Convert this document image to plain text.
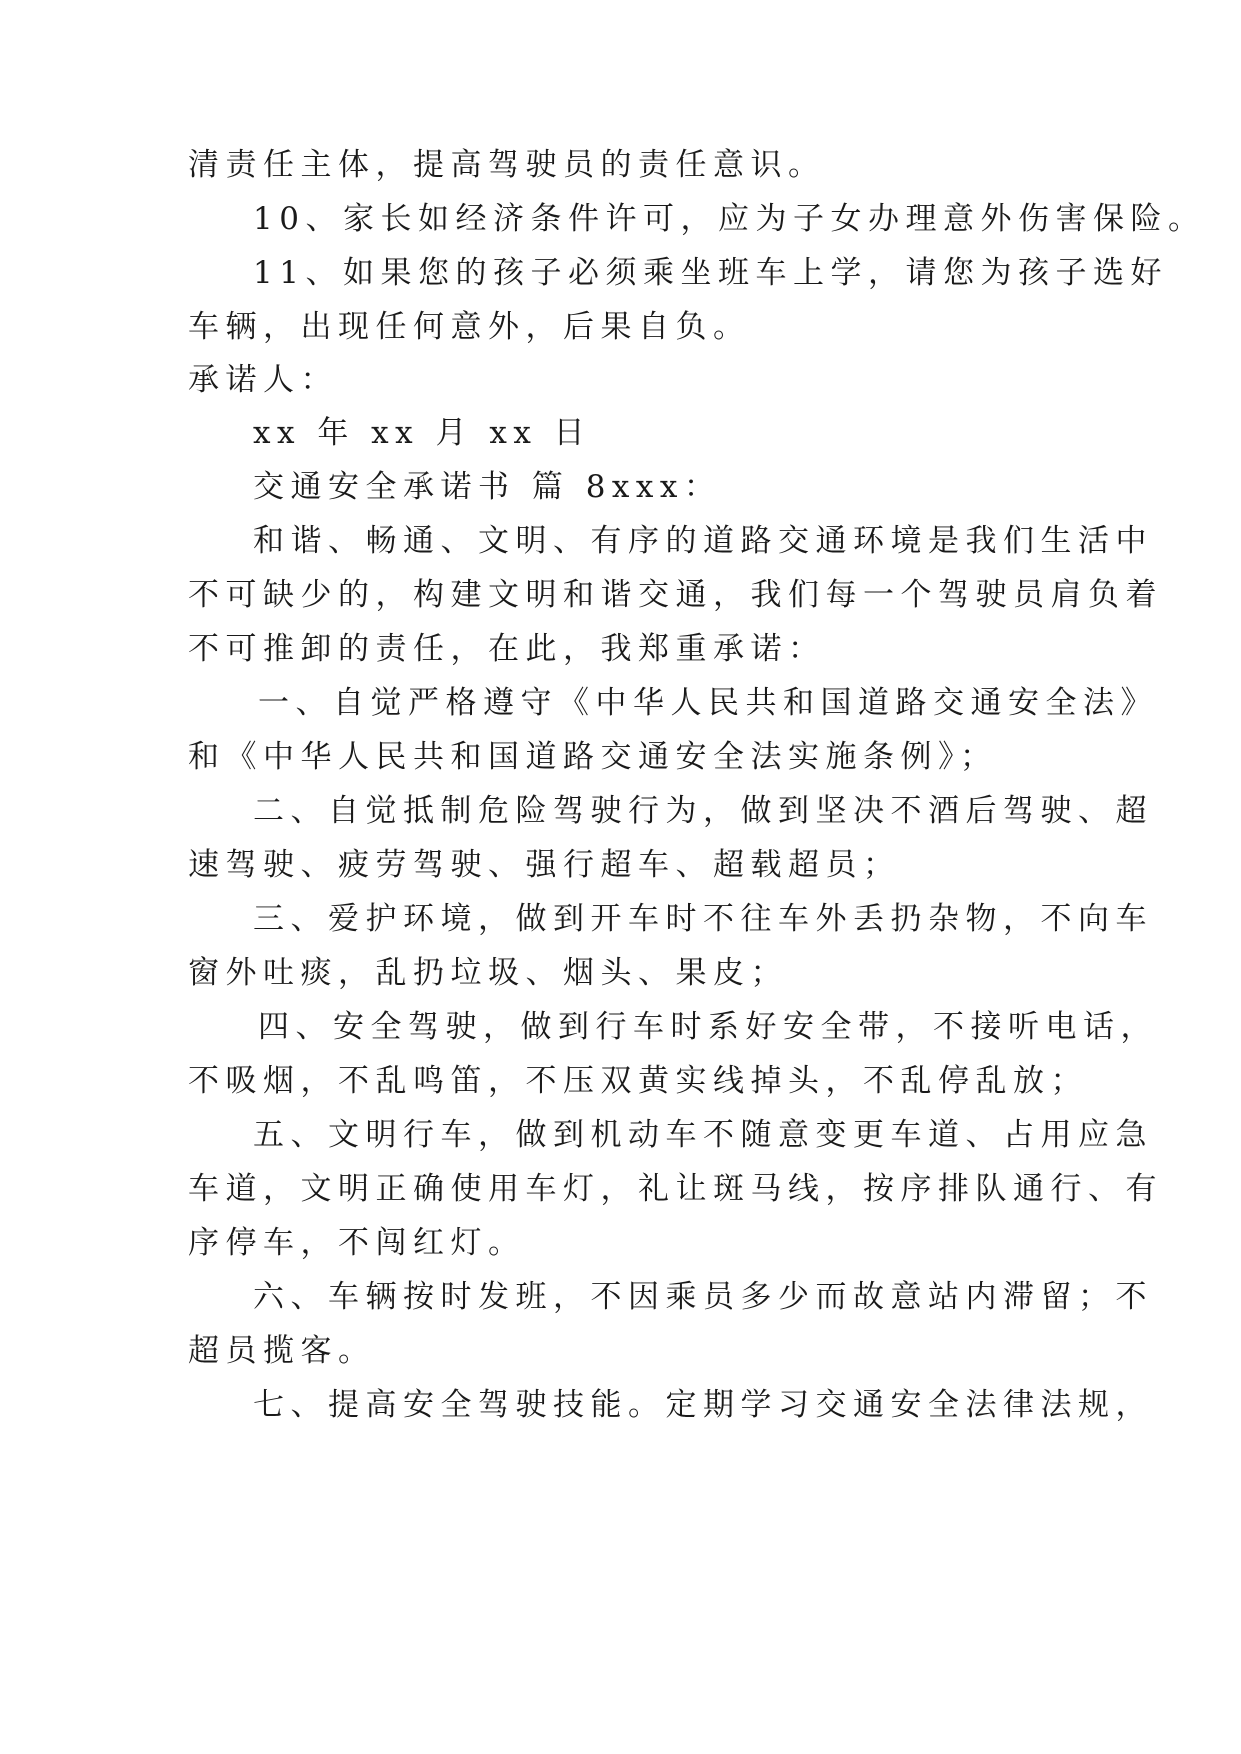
清责任主体，提高驾驶员的责任意识。
10、家长如经济条件许可，应为子女办理意外伤害保险。
11、如果您的孩子必须乘坐班车上学，请您为孩子选好
车辆，出现任何意外，后果自负。
承诺人：
xx 年 xx 月 xx 日
交通安全承诺书 篇 8xxx：
和谐、畅通、文明、有序的道路交通环境是我们生活中
不可缺少的，构建文明和谐交通，我们每一个驾驶员肩负着
不可推卸的责任，在此，我郑重承诺：
一、自觉严格遵守《中华人民共和国道路交通安全法》
和《中华人民共和国道路交通安全法实施条例》；
二、自觉抵制危险驾驶行为，做到坚决不酒后驾驶、超
速驾驶、疲劳驾驶、强行超车、超载超员；
三、爱护环境，做到开车时不往车外丢扔杂物，不向车
窗外吐痰，乱扔垃圾、烟头、果皮；
四、安全驾驶，做到行车时系好安全带，不接听电话，
不吸烟，不乱鸣笛，不压双黄实线掉头，不乱停乱放；
五、文明行车，做到机动车不随意变更车道、占用应急
车道，文明正确使用车灯，礼让斑马线，按序排队通行、有
序停车，不闯红灯。
六、车辆按时发班，不因乘员多少而故意站内滞留；不
超员揽客。
七、提高安全驾驶技能。定期学习交通安全法律法规，
